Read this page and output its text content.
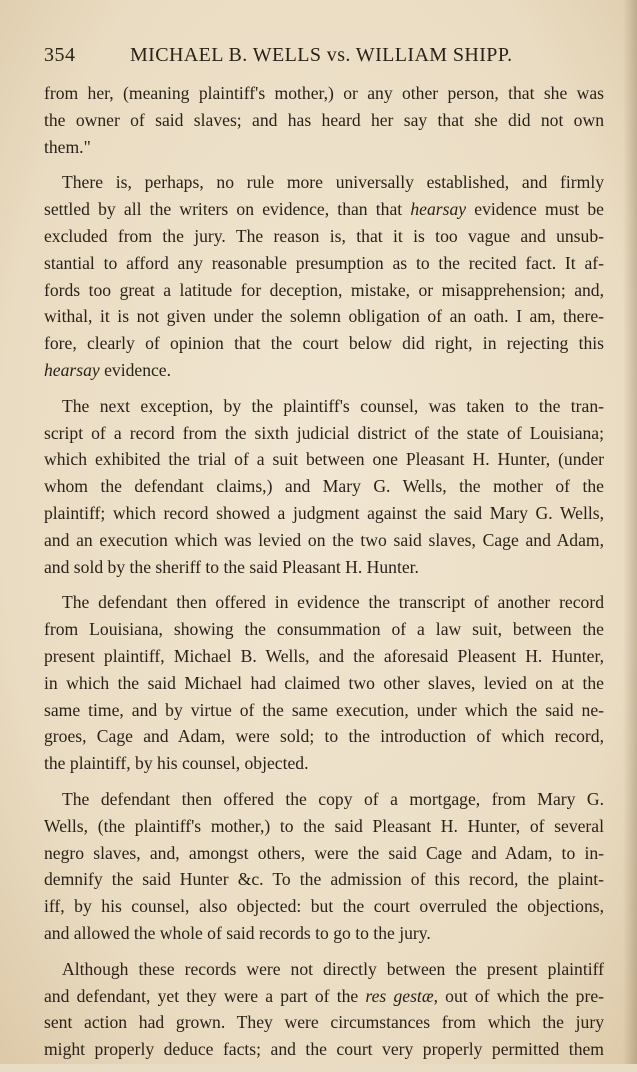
354	MICHAEL B. WELLS vs. WILLIAM SHIPP.
from her, (meaning plaintiff's mother,) or any other person, that she was
the owner of said slaves; and has heard her say that she did not own
them."
There is, perhaps, no rule more universally established, and firmly
settled by all the writers on evidence, than that hearsay evidence must be
excluded from the jury. The reason is, that it is too vague and unsub-
stantial to afford any reasonable presumption as to the recited fact. It af-
fords too great a latitude for deception, mistake, or misapprehension; and,
withal, it is not given under the solemn obligation of an oath. I am, there-
fore, clearly of opinion that the court below did right, in rejecting this
hearsay evidence.
The next exception, by the plaintiff's counsel, was taken to the tran-
script of a record from the sixth judicial district of the state of Louisiana;
which exhibited the trial of a suit between one Pleasant H. Hunter, (under
whom the defendant claims,) and Mary G. Wells, the mother of the
plaintiff; which record showed a judgment against the said Mary G. Wells,
and an execution which was levied on the two said slaves, Cage and Adam,
and sold by the sheriff to the said Pleasant H. Hunter.
The defendant then offered in evidence the transcript of another record
from Louisiana, showing the consummation of a law suit, between the
present plaintiff, Michael B. Wells, and the aforesaid Pleasent H. Hunter,
in which the said Michael had claimed two other slaves, levied on at the
same time, and by virtue of the same execution, under which the said ne-
groes, Cage and Adam, were sold; to the introduction of which record,
the plaintiff, by his counsel, objected.
The defendant then offered the copy of a mortgage, from Mary G.
Wells, (the plaintiff's mother,) to the said Pleasant H. Hunter, of several
negro slaves, and, amongst others, were the said Cage and Adam, to in-
demnify the said Hunter &c. To the admission of this record, the plaint-
iff, by his counsel, also objected: but the court overruled the objections,
and allowed the whole of said records to go to the jury.
Although these records were not directly between the present plaintiff
and defendant, yet they were a part of the res gestæ, out of which the pre-
sent action had grown. They were circumstances from which the jury
might properly deduce facts; and the court very properly permitted them
